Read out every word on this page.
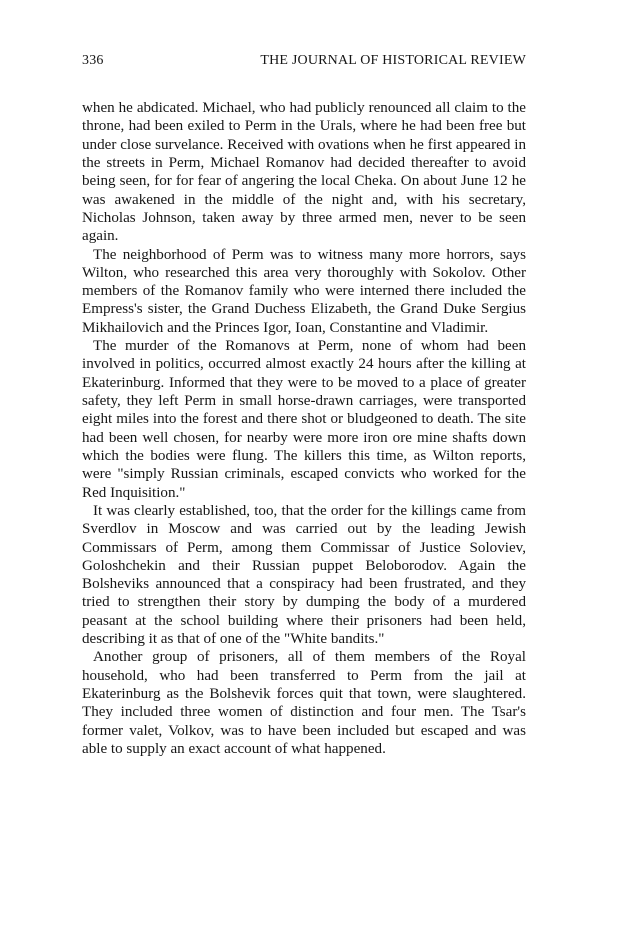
336	THE JOURNAL OF HISTORICAL REVIEW

when he abdicated. Michael, who had publicly renounced all claim to the throne, had been exiled to Perm in the Urals, where he had been free but under close survelance. Received with ovations when he first appeared in the streets in Perm, Michael Romanov had decided thereafter to avoid being seen, for for fear of angering the local Cheka. On about June 12 he was awakened in the middle of the night and, with his secretary, Nicholas Johnson, taken away by three armed men, never to be seen again.

The neighborhood of Perm was to witness many more horrors, says Wilton, who researched this area very thoroughly with Sokolov. Other members of the Romanov family who were interned there included the Empress's sister, the Grand Duchess Elizabeth, the Grand Duke Sergius Mikhailovich and the Princes Igor, Ioan, Constantine and Vladimir.

The murder of the Romanovs at Perm, none of whom had been involved in politics, occurred almost exactly 24 hours after the killing at Ekaterinburg. Informed that they were to be moved to a place of greater safety, they left Perm in small horse-drawn carriages, were transported eight miles into the forest and there shot or bludgeoned to death. The site had been well chosen, for nearby were more iron ore mine shafts down which the bodies were flung. The killers this time, as Wilton reports, were "simply Russian criminals, escaped convicts who worked for the Red Inquisition."

It was clearly established, too, that the order for the killings came from Sverdlov in Moscow and was carried out by the leading Jewish Commissars of Perm, among them Commissar of Justice Soloviev, Goloshchekin and their Russian puppet Beloborodov. Again the Bolsheviks announced that a conspiracy had been frustrated, and they tried to strengthen their story by dumping the body of a murdered peasant at the school building where their prisoners had been held, describing it as that of one of the "White bandits."

Another group of prisoners, all of them members of the Royal household, who had been transferred to Perm from the jail at Ekaterinburg as the Bolshevik forces quit that town, were slaughtered. They included three women of distinction and four men. The Tsar's former valet, Volkov, was to have been included but escaped and was able to supply an exact account of what happened.
